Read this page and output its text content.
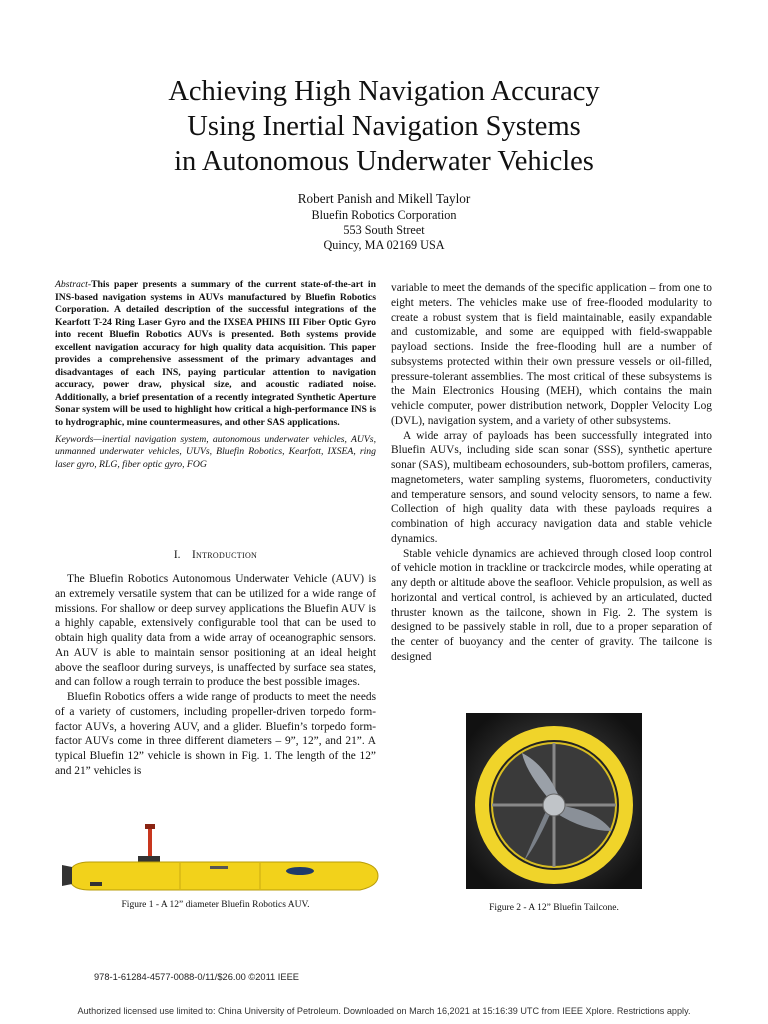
Achieving High Navigation Accuracy
Using Inertial Navigation Systems
in Autonomous Underwater Vehicles
Robert Panish and Mikell Taylor
Bluefin Robotics Corporation
553 South Street
Quincy, MA 02169 USA
Abstract-This paper presents a summary of the current state-of-the-art in INS-based navigation systems in AUVs manufactured by Bluefin Robotics Corporation. A detailed description of the successful integrations of the Kearfott T-24 Ring Laser Gyro and the IXSEA PHINS III Fiber Optic Gyro into recent Bluefin Robotics AUVs is presented. Both systems provide excellent navigation accuracy for high quality data acquisition. This paper provides a comprehensive assessment of the primary advantages and disadvantages of each INS, paying particular attention to navigation accuracy, power draw, physical size, and acoustic radiated noise. Additionally, a brief presentation of a recently integrated Synthetic Aperture Sonar system will be used to highlight how critical a high-performance INS is to hydrographic, mine countermeasures, and other SAS applications.
Keywords—inertial navigation system, autonomous underwater vehicles, AUVs, unmanned underwater vehicles, UUVs, Bluefin Robotics, Kearfott, IXSEA, ring laser gyro, RLG, fiber optic gyro, FOG
I. Introduction

The Bluefin Robotics Autonomous Underwater Vehicle (AUV) is an extremely versatile system that can be utilized for a wide range of missions. For shallow or deep survey applications the Bluefin AUV is a highly capable, extensively configurable tool that can be used to obtain high quality data from a wide array of oceanographic sensors. An AUV is able to maintain sensor positioning at an ideal height above the seafloor during surveys, is unaffected by surface sea states, and can follow a rough terrain to produce the best possible images.

Bluefin Robotics offers a wide range of products to meet the needs of a variety of customers, including propeller-driven torpedo form-factor AUVs, a hovering AUV, and a glider. Bluefin’s torpedo form-factor AUVs come in three different diameters – 9”, 12”, and 21”. A typical Bluefin 12” vehicle is shown in Fig. 1. The length of the 12” and 21” vehicles is

variable to meet the demands of the specific application – from one to eight meters. The vehicles make use of free-flooded modularity to create a robust system that is field maintainable, easily expandable and customizable, and some are equipped with field-swappable payload sections. Inside the free-flooding hull are a number of subsystems protected within their own pressure vessels or oil-filled, pressure-tolerant assemblies. The most critical of these subsystems is the Main Electronics Housing (MEH), which contains the main vehicle computer, power distribution network, Doppler Velocity Log (DVL), navigation system, and a variety of other subsystems.

A wide array of payloads has been successfully integrated into Bluefin AUVs, including side scan sonar (SSS), synthetic aperture sonar (SAS), multibeam echosounders, sub-bottom profilers, cameras, magnetometers, water sampling systems, fluorometers, conductivity and temperature sensors, and sound velocity sensors, to name a few. Collection of high quality data with these payloads requires a combination of high accuracy navigation data and stable vehicle dynamics.

Stable vehicle dynamics are achieved through closed loop control of vehicle motion in trackline or trackcircle modes, while operating at any depth or altitude above the seafloor. Vehicle propulsion, as well as horizontal and vertical control, is achieved by an articulated, ducted thruster known as the tailcone, shown in Fig. 2. The system is designed to be passively stable in roll, due to a proper separation of the center of buoyancy and the center of gravity. The tailcone is designed

Figure 1 - A 12” diameter Bluefin Robotics AUV.	Figure 2 - A 12” Bluefin Tailcone.
978-1-61284-4577-0088-0/11/$26.00 ©2011 IEEE
Authorized licensed use limited to: China University of Petroleum. Downloaded on March 16,2021 at 15:16:39 UTC from IEEE Xplore. Restrictions apply.
